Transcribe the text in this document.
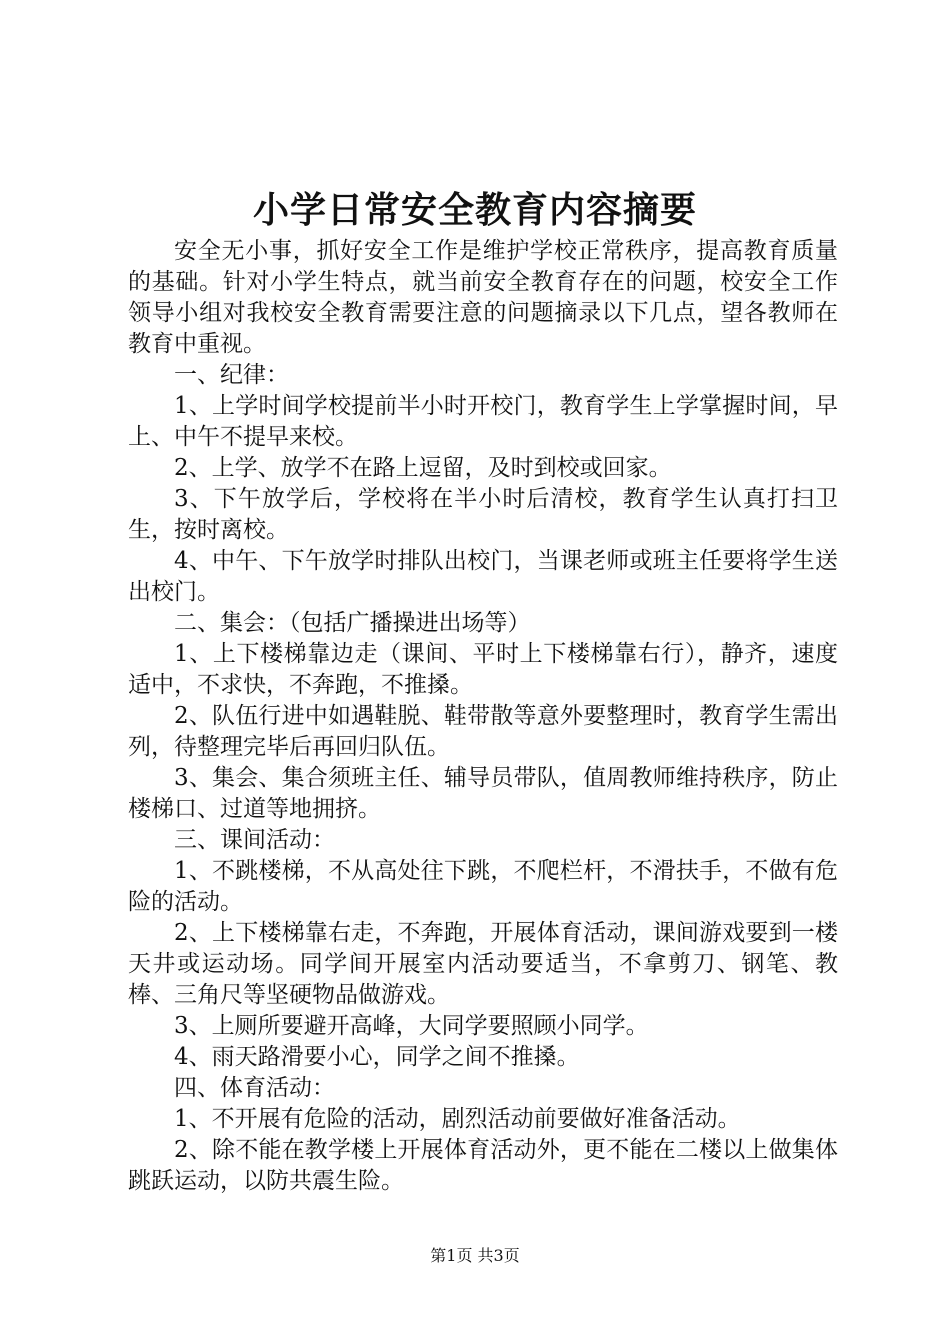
小学日常安全教育内容摘要

安全无小事，抓好安全工作是维护学校正常秩序，提高教育质量的基础。针对小学生特点，就当前安全教育存在的问题，校安全工作领导小组对我校安全教育需要注意的问题摘录以下几点，望各教师在教育中重视。

一、纪律：

1、上学时间学校提前半小时开校门，教育学生上学掌握时间，早上、中午不提早来校。

2、上学、放学不在路上逗留，及时到校或回家。

3、下午放学后，学校将在半小时后清校，教育学生认真打扫卫生，按时离校。

4、中午、下午放学时排队出校门，当课老师或班主任要将学生送出校门。

二、集会：（包括广播操进出场等）

1、上下楼梯靠边走（课间、平时上下楼梯靠右行），静齐，速度适中，不求快，不奔跑，不推搡。

2、队伍行进中如遇鞋脱、鞋带散等意外要整理时，教育学生需出列，待整理完毕后再回归队伍。

3、集会、集合须班主任、辅导员带队，值周教师维持秩序，防止楼梯口、过道等地拥挤。

三、课间活动：

1、不跳楼梯，不从高处往下跳，不爬栏杆，不滑扶手，不做有危险的活动。

2、上下楼梯靠右走，不奔跑，开展体育活动，课间游戏要到一楼天井或运动场。同学间开展室内活动要适当，不拿剪刀、钢笔、教棒、三角尺等坚硬物品做游戏。

3、上厕所要避开高峰，大同学要照顾小同学。

4、雨天路滑要小心，同学之间不推搡。

四、体育活动：

1、不开展有危险的活动，剧烈活动前要做好准备活动。

2、除不能在教学楼上开展体育活动外，更不能在二楼以上做集体跳跃运动，以防共震生险。

第1页 共3页
